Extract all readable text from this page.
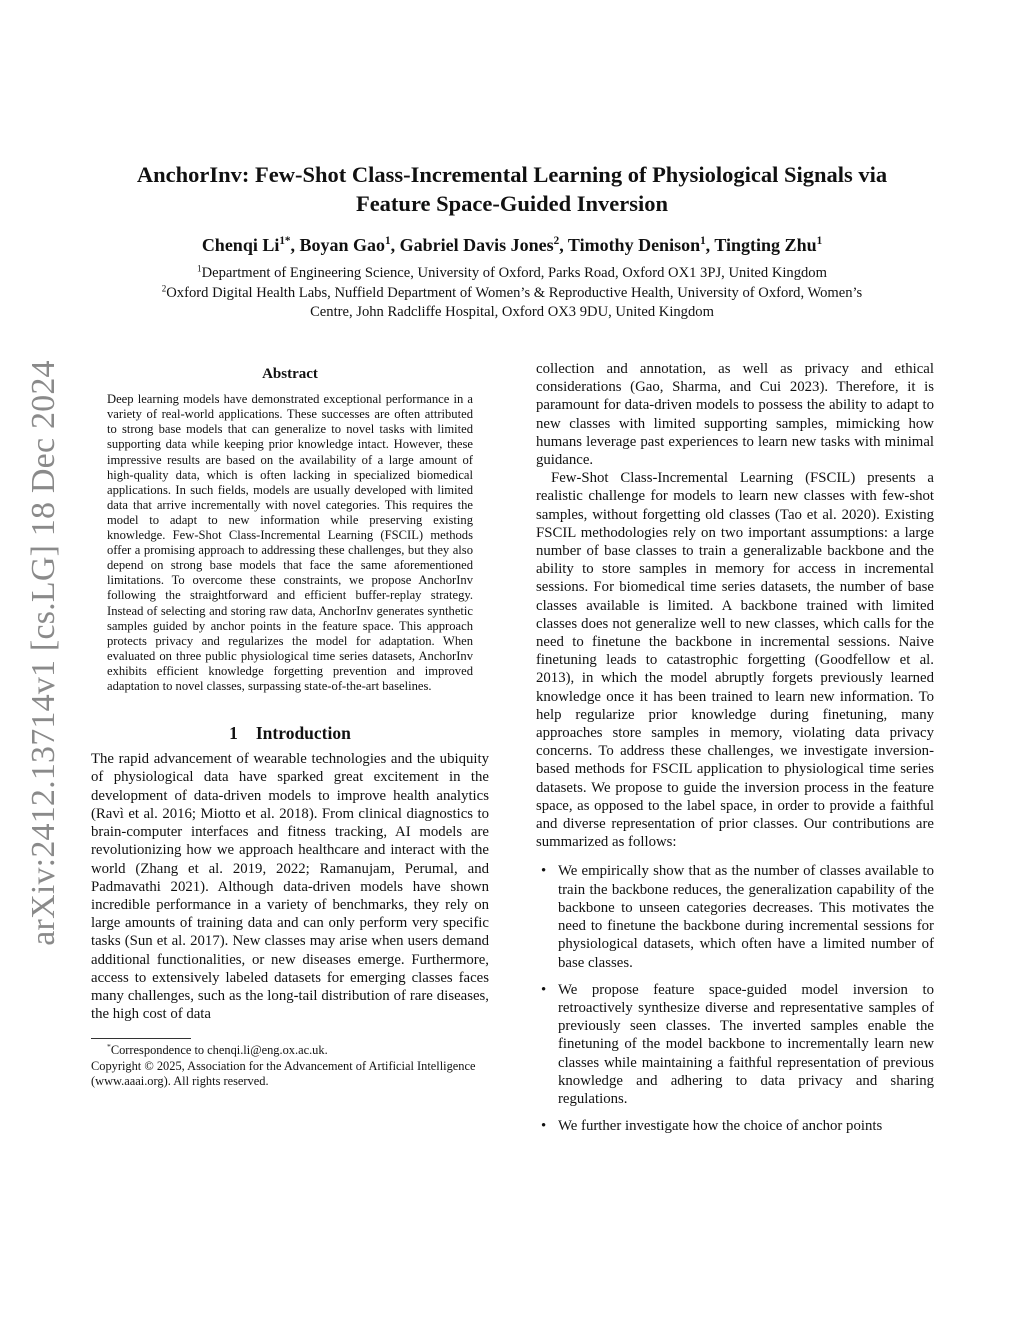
arXiv:2412.13714v1 [cs.LG] 18 Dec 2024
AnchorInv: Few-Shot Class-Incremental Learning of Physiological Signals via
Feature Space-Guided Inversion
Chenqi $Li^{1*}$, Boyan Gao$^1$, Gabriel Davis Jones$^2$, Timothy Denison$^1$, Tingting Zhu$^1$
$^1$Department of Engineering Science, University of Oxford, Parks Road, Oxford OX1 3PJ, United Kingdom
$^2$Oxford Digital Health Labs, Nuffield Department of Women’s & Reproductive Health, University of Oxford, Women’s
Centre, John Radcliffe Hospital, Oxford OX3 9DU, United Kingdom
Abstract
Deep learning models have demonstrated exceptional performance in a variety of real-world applications. These successes are often attributed to strong base models that can generalize to novel tasks with limited supporting data while keeping prior knowledge intact. However, these impressive results are based on the availability of a large amount of high-quality data, which is often lacking in specialized biomedical applications. In such fields, models are usually developed with limited data that arrive incrementally with novel categories. This requires the model to adapt to new information while preserving existing knowledge. Few-Shot Class-Incremental Learning (FSCIL) methods offer a promising approach to addressing these challenges, but they also depend on strong base models that face the same aforementioned limitations. To overcome these constraints, we propose AnchorInv following the straightforward and efficient buffer-replay strategy. Instead of selecting and storing raw data, AnchorInv generates synthetic samples guided by anchor points in the feature space. This approach protects privacy and regularizes the model for adaptation. When evaluated on three public physiological time series datasets, AnchorInv exhibits efficient knowledge forgetting prevention and improved adaptation to novel classes, surpassing state-of-the-art baselines.
1 Introduction

The rapid advancement of wearable technologies and the ubiquity of physiological data have sparked great excitement in the development of data-driven models to improve health analytics (Ravì et al. 2016; Miotto et al. 2018). From clinical diagnostics to brain-computer interfaces and fitness tracking, AI models are revolutionizing how we approach healthcare and interact with the world (Zhang et al. 2019, 2022; Ramanujam, Perumal, and Padmavathi 2021). Although data-driven models have shown incredible performance in a variety of benchmarks, they rely on large amounts of training data and can only perform very specific tasks (Sun et al. 2017). New classes may arise when users demand additional functionalities, or new diseases emerge. Furthermore, access to extensively labeled datasets for emerging classes faces many challenges, such as the long-tail distribution of rare diseases, the high cost of data

*Correspondence to chenqi.li@eng.ox.ac.uk.
Copyright © 2025, Association for the Advancement of Artificial Intelligence (www.aaai.org). All rights reserved.

collection and annotation, as well as privacy and ethical considerations (Gao, Sharma, and Cui 2023). Therefore, it is paramount for data-driven models to possess the ability to adapt to new classes with limited supporting samples, mimicking how humans leverage past experiences to learn new tasks with minimal guidance.

Few-Shot Class-Incremental Learning (FSCIL) presents a realistic challenge for models to learn new classes with few-shot samples, without forgetting old classes (Tao et al. 2020). Existing FSCIL methodologies rely on two important assumptions: a large number of base classes to train a generalizable backbone and the ability to store samples in memory for access in incremental sessions. For biomedical time series datasets, the number of base classes available is limited. A backbone trained with limited classes does not generalize well to new classes, which calls for the need to finetune the backbone in incremental sessions. Naive finetuning leads to catastrophic forgetting (Goodfellow et al. 2013), in which the model abruptly forgets previously learned knowledge once it has been trained to learn new information. To help regularize prior knowledge during finetuning, many approaches store samples in memory, violating data privacy concerns. To address these challenges, we investigate inversion-based methods for FSCIL application to physiological time series datasets. We propose to guide the inversion process in the feature space, as opposed to the label space, in order to provide a faithful and diverse representation of prior classes. Our contributions are summarized as follows:

• We empirically show that as the number of classes available to train the backbone reduces, the generalization capability of the backbone to unseen categories decreases. This motivates the need to finetune the backbone during incremental sessions for physiological datasets, which often have a limited number of base classes.
• We propose feature space-guided model inversion to retroactively synthesize diverse and representative samples of previously seen classes. The inverted samples enable the finetuning of the model backbone to incrementally learn new classes while maintaining a faithful representation of previous knowledge and adhering to data privacy and sharing regulations.
• We further investigate how the choice of anchor points
